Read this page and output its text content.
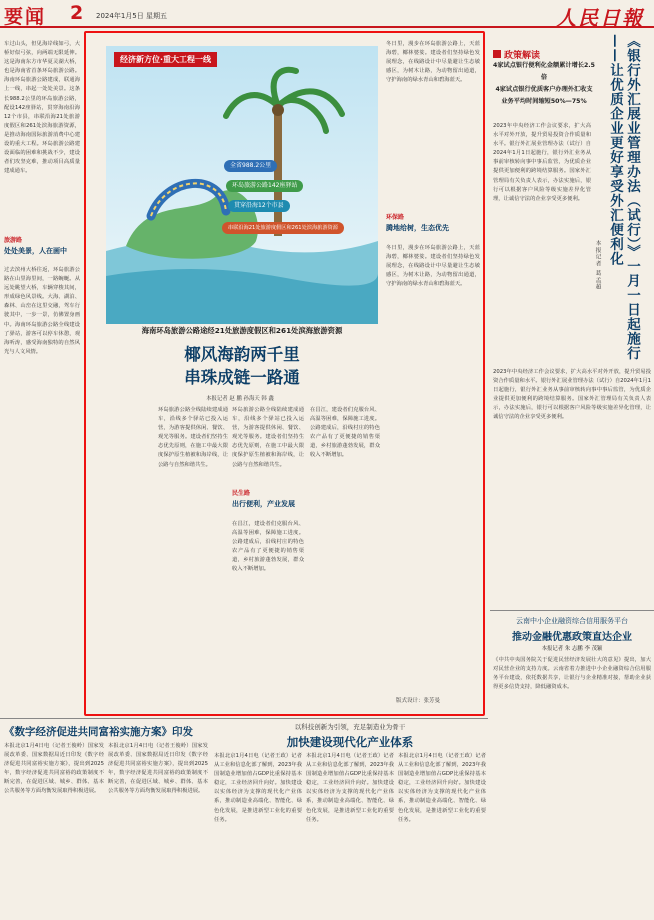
要闻 2 2024年1月5日 星期五	人民日報
车过山头，但见海岸线如弓，大桥好似弓弦，向两端无限延伸。这是海南东方市华夏灵湖大桥，也是海南省首条环岛旅游公路。海南环岛旅游公路建成，联通海上一线，串起一处处美景。这条长988.2公里的环岛旅游公路，配设142座驿站，贯穿海南沿海12个市县，串联沿海21处旅游度假区和261处滨海旅游资源，是推动海南国际旅游消费中心建设的重大工程。环岛旅游公路建设面临的困难和挑战不少，建设者们攻坚克难，推动项目高质量建成通车。
旅游路
处处美景，人在画中
过去滨州大桥往返，环岛旅游公路在山里海里间，一路蜿蜒。从远处眺望大桥，车辆穿梭其间，形成绿色风景线。大海、湖泊、森林、山峦在这里交融，驾车行驶其中，一步一景，仿佛置身画中。海南环岛旅游公路全线建设了驿站，游客可以停车休憩，观海听涛，感受海南独特的自然风光与人文风情。
经济新方位·重大工程一线
全省988.2公里
环岛旅游公路142座驿站
贯穿沿海12个市县
串联沿海21处旅游度假区和261处滨海旅游资源
海南环岛旅游公路途经21处旅游度假区和261处滨海旅游资源
椰风海韵两千里
串珠成链一路通
本报记者 赵 鹏 孙海天 韩 鑫
环岛旅游公路全线陆续建成通车，沿线多个驿站已投入运营，为游客提供休闲、餐饮、观光等服务。建设者们坚持生态优先原则，在施工中最大限度保护原生植被和海岸线，让公路与自然和谐共生。
民生路
出行便利，产业发展
在昌江，建设者们克服台风、高温等困难，保障施工进度。公路建成后，沿线村庄的特色农产品有了更便捷的销售渠道，乡村旅游蓬勃发展，群众收入不断增加。
环岛旅游公路全线陆续建成通车，沿线多个驿站已投入运营，为游客提供休闲、餐饮、观光等服务。建设者们坚持生态优先原则，在施工中最大限度保护原生植被和海岸线，让公路与自然和谐共生。
在昌江，建设者们克服台风、高温等困难，保障施工进度。公路建成后，沿线村庄的特色农产品有了更便捷的销售渠道，乡村旅游蓬勃发展，群众收入不断增加。
冬日里，漫步在环岛旅游公路上，天蓝海碧，椰林婆娑。建设者们坚持绿色发展理念，在线路设计中尽量避让生态敏感区，为树木让路，为动物留出通道，守护海南的绿水青山和碧海蓝天。
环保路
腾地给树，生态优先
冬日里，漫步在环岛旅游公路上，天蓝海碧，椰林婆娑。建设者们坚持绿色发展理念，在线路设计中尽量避让生态敏感区，为树木让路，为动物留出通道，守护海南的绿水青山和碧海蓝天。
版式设计：张芳曼
政策解读
4家试点银行便利化金额累计增长2.5倍
4家试点银行优质客户办理外汇收支业务平均时间缩短50%—75%	《银行外汇展业管理办法（试行）》一月一日起施行——让优质企业更好享受外汇便利化
本报记者 葛孟超
2023年中央经济工作会议要求，扩大高水平对外开放，提升贸易投资合作质量和水平。银行外汇展业管理办法（试行）自2024年1月1日起施行，银行外汇业务从事前审核转向事中事后监管，为优质企业提供更加便利的跨境结算服务。国家外汇管理局有关负责人表示，办法实施后，银行可以根据客户风险等级实施差异化管理，让诚信守法的企业享受更多便利。
2023年中央经济工作会议要求，扩大高水平对外开放，提升贸易投资合作质量和水平。银行外汇展业管理办法（试行）自2024年1月1日起施行，银行外汇业务从事前审核转向事中事后监管，为优质企业提供更加便利的跨境结算服务。国家外汇管理局有关负责人表示，办法实施后，银行可以根据客户风险等级实施差异化管理，让诚信守法的企业享受更多便利。
云南中小企业融资综合信用服务平台
推动金融优惠政策直达企业
本报记者 朱 志鹏 李 茂颖
《中共中央国务院关于促进民营经济发展壮大的意见》提出，加大对民营企业的支持力度。云南省着力推进中小企业融资综合信用服务平台建设，依托数据共享，让银行与企业精准对接，帮助企业获得更多信贷支持，降低融资成本。
《数字经济促进共同富裕实施方案》印发
本报北京1月4日电（记者王俊岭）国家发展改革委、国家数据局近日印发《数字经济促进共同富裕实施方案》，提出到2025年，数字经济促进共同富裕的政策制度不断完善，在促进区域、城乡、群体、基本公共服务等方面均衡发展取得积极进展。
本报北京1月4日电（记者王俊岭）国家发展改革委、国家数据局近日印发《数字经济促进共同富裕实施方案》，提出到2025年，数字经济促进共同富裕的政策制度不断完善，在促进区域、城乡、群体、基本公共服务等方面均衡发展取得积极进展。
以科技创新为引领，充足制造业为骨干
加快建设现代化产业体系
本报北京1月4日电（记者王政）记者从工业和信息化部了解到，2023年我国制造业增加值占GDP比重保持基本稳定，工业经济回升向好。加快建设以实体经济为支撑的现代化产业体系，推动制造业高端化、智能化、绿色化发展，是推进新型工业化的重要任务。
本报北京1月4日电（记者王政）记者从工业和信息化部了解到，2023年我国制造业增加值占GDP比重保持基本稳定，工业经济回升向好。加快建设以实体经济为支撑的现代化产业体系，推动制造业高端化、智能化、绿色化发展，是推进新型工业化的重要任务。
本报北京1月4日电（记者王政）记者从工业和信息化部了解到，2023年我国制造业增加值占GDP比重保持基本稳定，工业经济回升向好。加快建设以实体经济为支撑的现代化产业体系，推动制造业高端化、智能化、绿色化发展，是推进新型工业化的重要任务。
